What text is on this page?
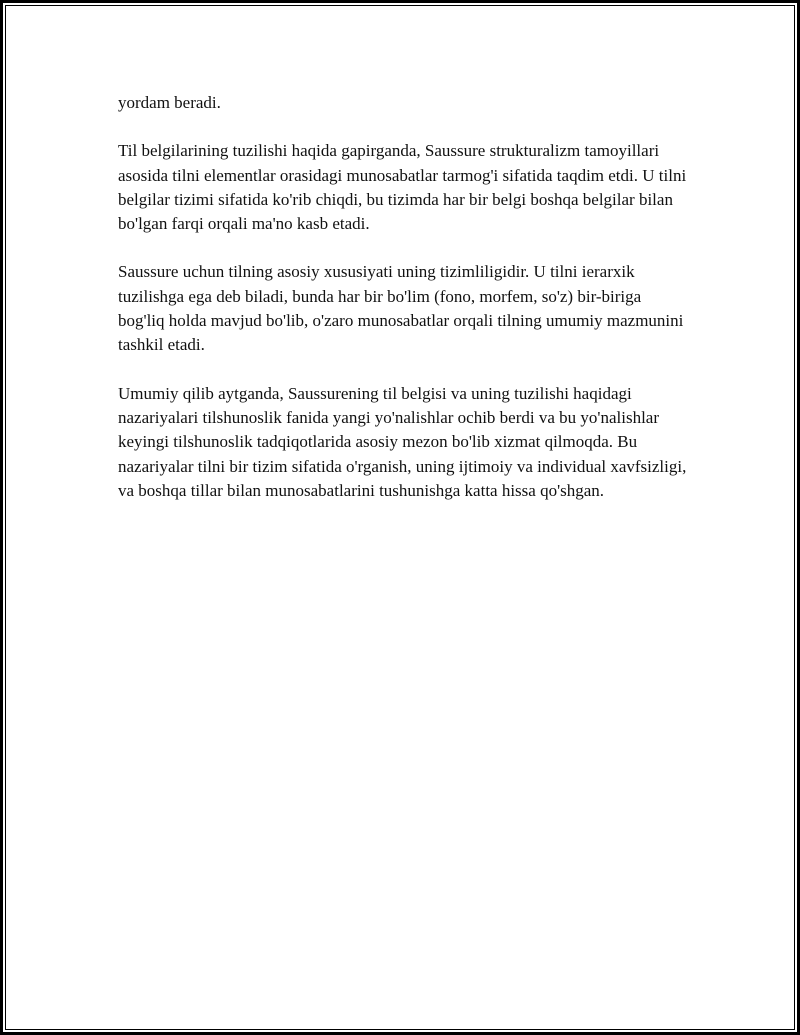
yordam beradi.

Til belgilarining tuzilishi haqida gapirganda, Saussure strukturalizm tamoyillari asosida tilni elementlar orasidagi munosabatlar tarmog'i sifatida taqdim etdi. U tilni belgilar tizimi sifatida ko'rib chiqdi, bu tizimda har bir belgi boshqa belgilar bilan bo'lgan farqi orqali ma'no kasb etadi.

Saussure uchun tilning asosiy xususiyati uning tizimliligidir. U tilni ierarxik tuzilishga ega deb biladi, bunda har bir bo'lim (fono, morfem, so'z) bir-biriga bog'liq holda mavjud bo'lib, o'zaro munosabatlar orqali tilning umumiy mazmunini tashkil etadi.

Umumiy qilib aytganda, Saussurening til belgisi va uning tuzilishi haqidagi nazariyalari tilshunoslik fanida yangi yo'nalishlar ochib berdi va bu yo'nalishlar keyingi tilshunoslik tadqiqotlarida asosiy mezon bo'lib xizmat qilmoqda. Bu nazariyalar tilni bir tizim sifatida o'rganish, uning ijtimoiy va individual xavfsizligi, va boshqa tillar bilan munosabatlarini tushunishga katta hissa qo'shgan.
